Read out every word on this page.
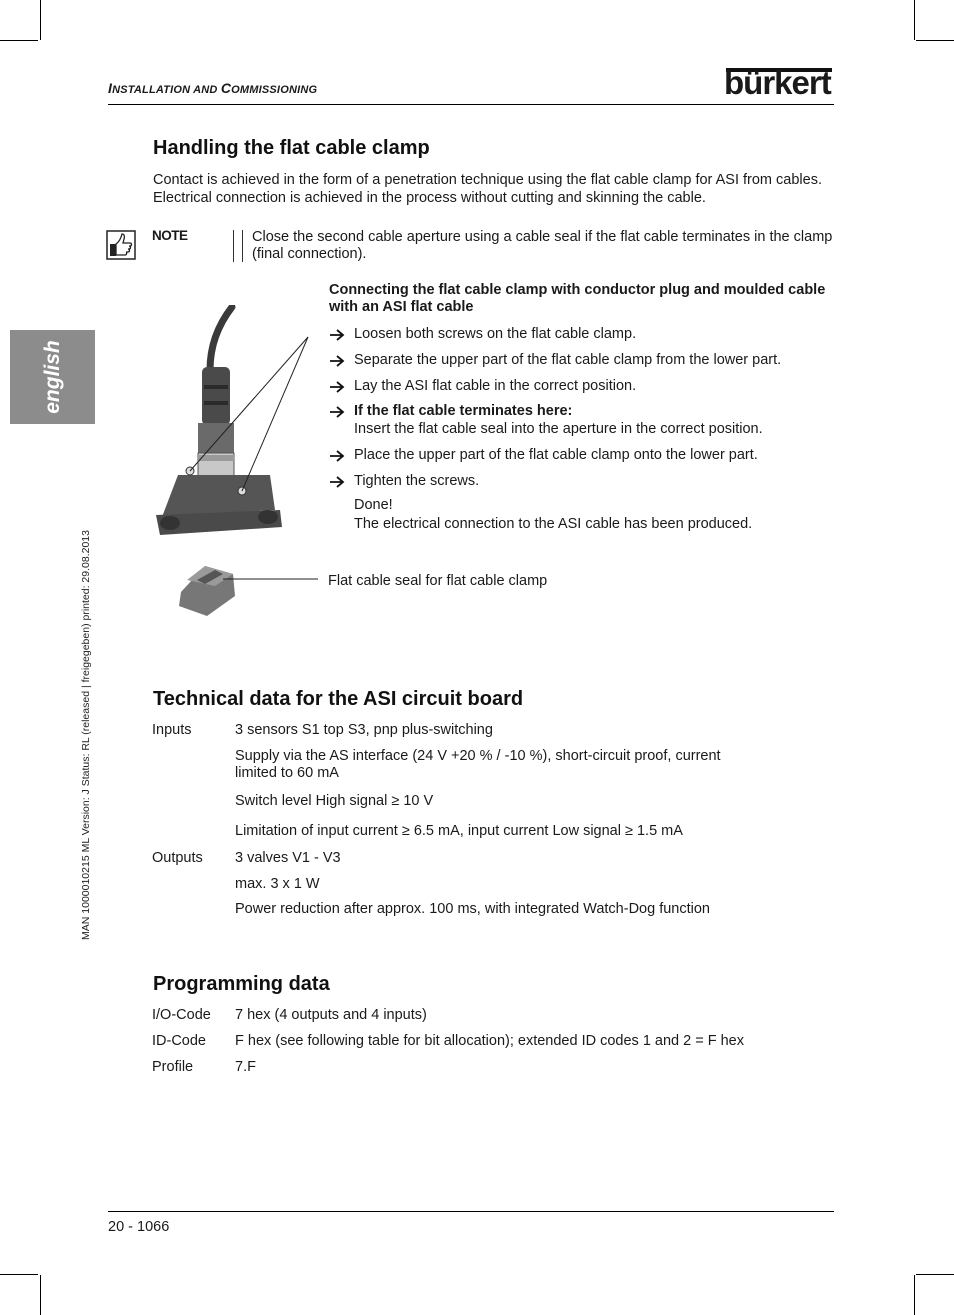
INSTALLATION AND COMMISSIONING	bürkert
english
MAN 1000010215 ML Version: J Status: RL (released | freigegeben) printed: 29.08.2013
Handling the flat cable clamp
Contact is achieved in the form of a penetration technique using the flat cable clamp for ASI from cables.
Electrical connection is achieved in the process without cutting and skinning the cable.
NOTE	Close the second cable aperture using a cable seal if the flat cable terminates in the clamp
(final connection).
Connecting the flat cable clamp with conductor plug and moulded cable
with an ASI flat cable
Loosen both screws on the flat cable clamp.
Separate the upper part of the flat cable clamp from the lower part.
Lay the ASI flat cable in the correct position.
If the flat cable terminates here:
Insert the flat cable seal into the aperture in the correct position.
Place the upper part of the flat cable clamp onto the lower part.
Tighten the screws.
Done!
The electrical connection to the ASI cable has been produced.
Flat cable seal for flat cable clamp
Technical data for the ASI circuit board
Inputs	3 sensors S1 top S3, pnp plus-switching
Supply via the AS interface (24 V +20 % / -10 %), short-circuit proof, current
limited to 60 mA
Switch level High signal ≥ 10 V
Limitation of input current ≥ 6.5 mA, input current Low signal ≥ 1.5 mA
Outputs 3 valves V1 - V3
max. 3 x 1 W
Power reduction after approx. 100 ms, with integrated Watch-Dog function
Programming data
I/O-Code 7 hex (4 outputs and 4 inputs)
ID-Code F hex (see following table for bit allocation); extended ID codes 1 and 2 = F hex
Profile	7.F
20 - 1066
